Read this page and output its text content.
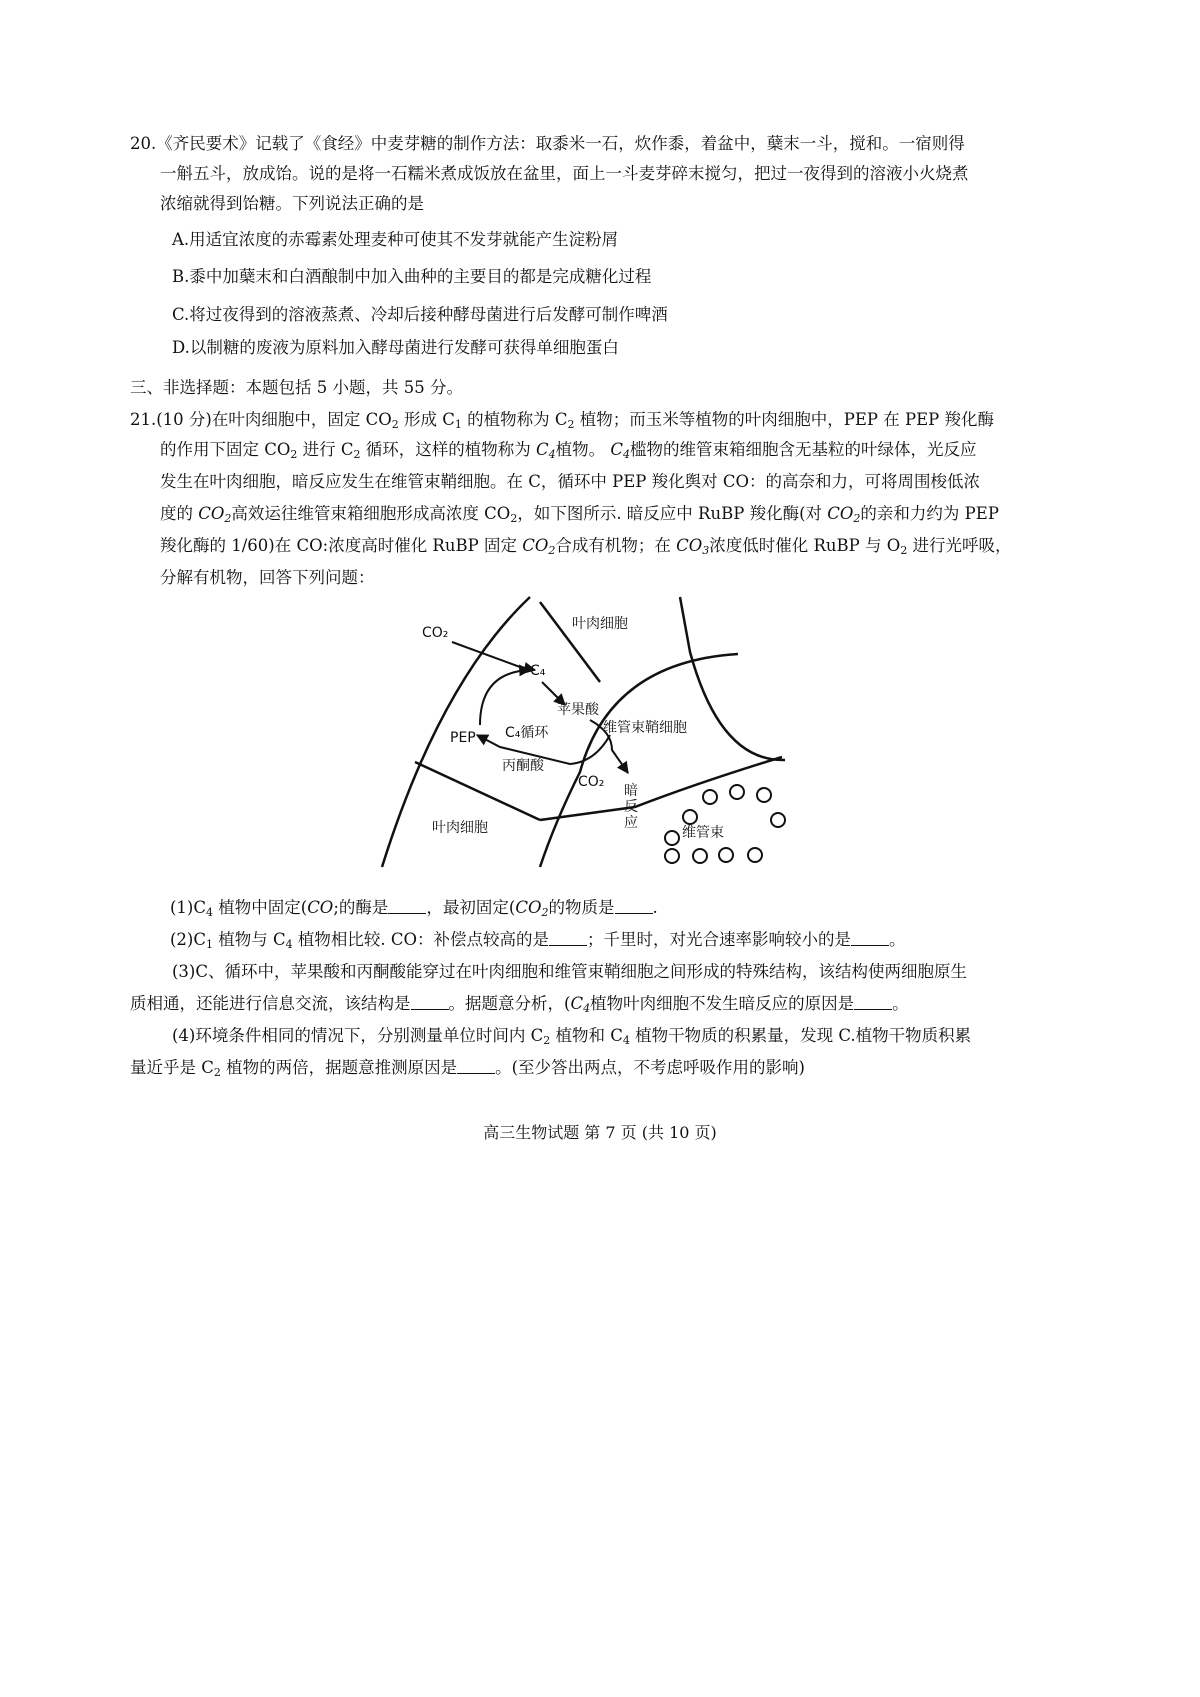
20.《齐民要术》记载了《食经》中麦芽糖的制作方法：取黍米一石，炊作黍，着盆中，蘖末一斗，搅和。一宿则得
一斛五斗，放成饴。说的是将一石糯米煮成饭放在盆里，面上一斗麦芽碎末搅匀，把过一夜得到的溶液小火烧煮
浓缩就得到饴糖。下列说法正确的是
A.用适宜浓度的赤霉素处理麦种可使其不发芽就能产生淀粉屑
B.黍中加蘖末和白酒酿制中加入曲种的主要目的都是完成糖化过程
C.将过夜得到的溶液蒸煮、冷却后接种酵母菌进行后发酵可制作啤酒
D.以制糖的废液为原料加入酵母菌进行发酵可获得单细胞蛋白
三、非选择题：本题包括 5 小题，共 55 分。
21.(10 分)在叶肉细胞中，固定 $CO_2$ 形成 $C_1$ 的植物称为 $C_2$ 植物；而玉米等植物的叶肉细胞中，PEP 在 PEP 羧化酶
的作用下固定 $CO_2$ 进行 $C_2$ 循环，这样的植物称为 $C_4$植物。 $C_4$槛物的维管束箱细胞含无基粒的叶绿体，光反应
发生在叶肉细胞，暗反应发生在维管束鞘细胞。在 C，循环中 PEP 羧化舆对 CO：的高奈和力，可将周围梭低浓
度的 $CO_2$高效运往维管束箱细胞形成高浓度 $CO_2$，如下图所示. 暗反应中 RuBP 羧化酶(对 $CO_2$的亲和力约为 PEP
羧化酶的 1/60)在 CO:浓度高时催化 RuBP 固定 $CO_2$合成有机物；在 $CO_3$浓度低时催化 RuBP 与 $O_2$ 进行光呼吸，
分解有机物，回答下列问题：
叶肉细胞
CO₂
C₄
苹果酸
维管束鞘细胞
C₄循环
PEP
丙酮酸
CO₂
暗
反
应
叶肉细胞	维管束
$(1)C_4$ 植物中固定(CO;的酶是 ，最初固定($CO_2$的物质是 .
$(2)C_1$ 植物与 $C_4$ 植物相比较. CO：补偿点较高的是 ；千里时，对光合速率影响较小的是 。
(3)C、循环中，苹果酸和丙酮酸能穿过在叶肉细胞和维管束鞘细胞之间形成的特殊结构，该结构使两细胞原生
质相通，还能进行信息交流，该结构是 。据题意分析，($C_4$植物叶肉细胞不发生暗反应的原因是 。
(4)环境条件相同的情况下，分别测量单位时间内 $C_2$ 植物和 $C_4$ 植物干物质的积累量，发现 C.植物干物质积累
量近乎是 $C_2$ 植物的两倍，据题意推测原因是 。(至少答出两点，不考虑呼吸作用的影响)
高三生物试题 第 7 页 (共 10 页)
